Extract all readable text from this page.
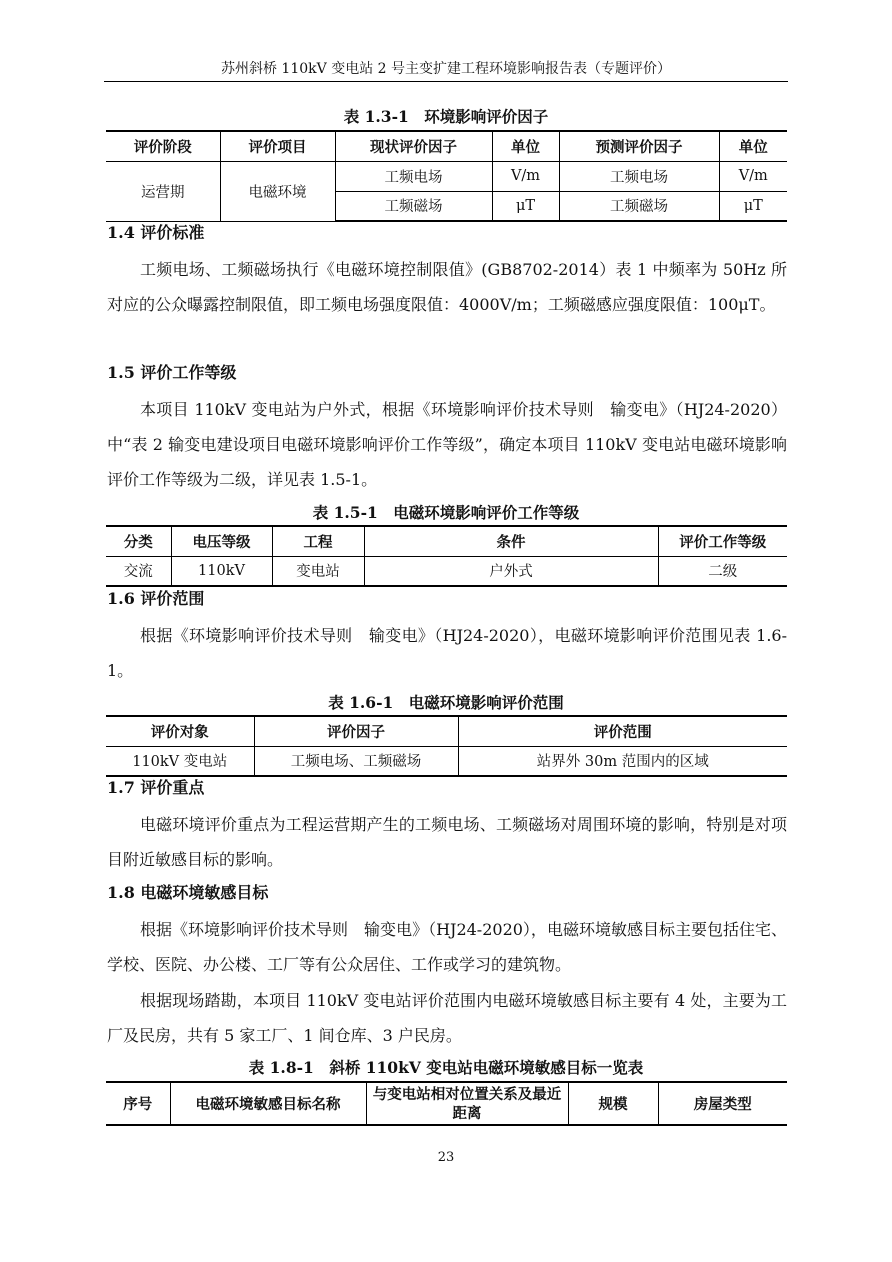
苏州斜桥 110kV 变电站 2 号主变扩建工程环境影响报告表（专题评价）
表 1.3-1　环境影响评价因子
评价阶段	评价项目	现状评价因子	单位	预测评价因子	单位
运营期	电磁环境	工频电场	V/m	工频电场	V/m
		工频磁场	μT	工频磁场	μT
1.4 评价标准
工频电场、工频磁场执行《电磁环境控制限值》(GB8702-2014）表 1 中频率为 50Hz 所对应的公众曝露控制限值，即工频电场强度限值：4000V/m；工频磁感应强度限值：100μT。
1.5 评价工作等级
本项目 110kV 变电站为户外式，根据《环境影响评价技术导则　输变电》（HJ24-2020）中“表 2 输变电建设项目电磁环境影响评价工作等级”，确定本项目 110kV 变电站电磁环境影响评价工作等级为二级，详见表 1.5-1。
表 1.5-1　电磁环境影响评价工作等级
分类	电压等级	工程	条件	评价工作等级
交流	110kV	变电站	户外式	二级
1.6 评价范围
根据《环境影响评价技术导则　输变电》（HJ24-2020），电磁环境影响评价范围见表 1.6-1。
表 1.6-1　电磁环境影响评价范围
评价对象	评价因子	评价范围
110kV 变电站	工频电场、工频磁场	站界外 30m 范围内的区域
1.7 评价重点
电磁环境评价重点为工程运营期产生的工频电场、工频磁场对周围环境的影响，特别是对项目附近敏感目标的影响。
1.8 电磁环境敏感目标
根据《环境影响评价技术导则　输变电》（HJ24-2020），电磁环境敏感目标主要包括住宅、学校、医院、办公楼、工厂等有公众居住、工作或学习的建筑物。
根据现场踏勘，本项目 110kV 变电站评价范围内电磁环境敏感目标主要有 4 处，主要为工厂及民房，共有 5 家工厂、1 间仓库、3 户民房。
表 1.8-1　斜桥 110kV 变电站电磁环境敏感目标一览表
序号	电磁环境敏感目标名称	与变电站相对位置关系及最近距离	规模	房屋类型
23
